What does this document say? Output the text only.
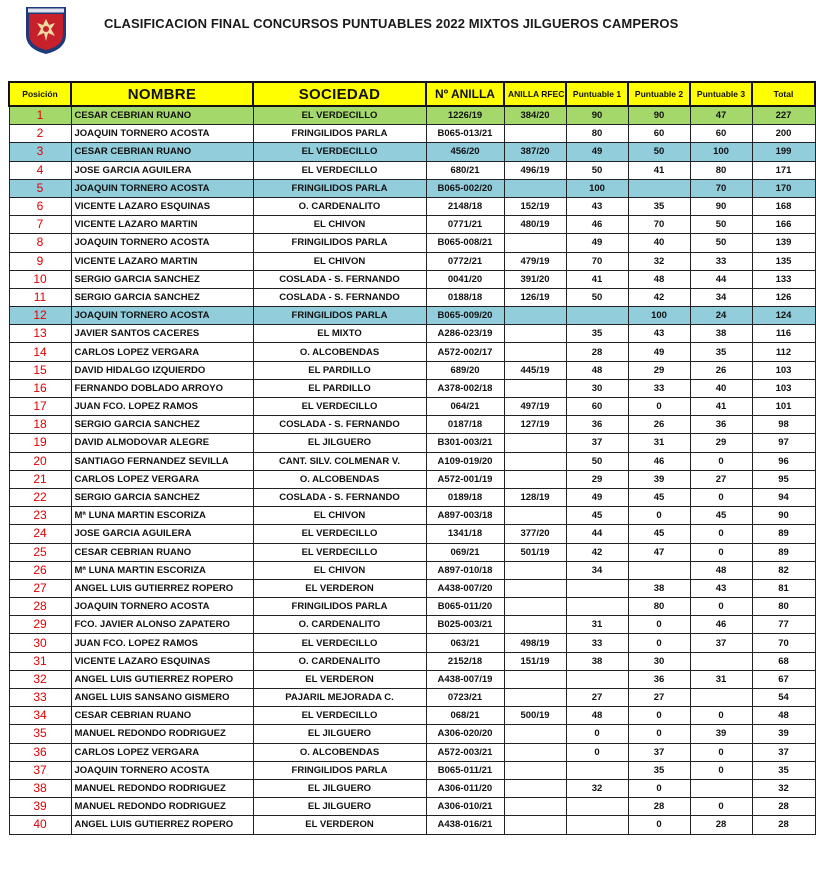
CLASIFICACION FINAL CONCURSOS PUNTUABLES 2022 MIXTOS JILGUEROS CAMPEROS
Posición	NOMBRE	SOCIEDAD	Nº ANILLA	ANILLA RFEC	Puntuable 1	Puntuable 2	Puntuable 3	Total
1	CESAR CEBRIAN RUANO	EL VERDECILLO	1226/19	384/20	90	90	47	227
2	JOAQUIN TORNERO ACOSTA	FRINGILIDOS PARLA	B065-013/21		80	60	60	200
3	CESAR CEBRIAN RUANO	EL VERDECILLO	456/20	387/20	49	50	100	199
4	JOSE GARCIA AGUILERA	EL VERDECILLO	680/21	496/19	50	41	80	171
5	JOAQUIN TORNERO ACOSTA	FRINGILIDOS PARLA	B065-002/20		100		70	170
6	VICENTE LAZARO ESQUINAS	O. CARDENALITO	2148/18	152/19	43	35	90	168
7	VICENTE LAZARO MARTIN	EL CHIVON	0771/21	480/19	46	70	50	166
8	JOAQUIN TORNERO ACOSTA	FRINGILIDOS PARLA	B065-008/21		49	40	50	139
9	VICENTE LAZARO MARTIN	EL CHIVON	0772/21	479/19	70	32	33	135
10	SERGIO GARCIA SANCHEZ	COSLADA - S. FERNANDO	0041/20	391/20	41	48	44	133
11	SERGIO GARCIA SANCHEZ	COSLADA - S. FERNANDO	0188/18	126/19	50	42	34	126
12	JOAQUIN TORNERO ACOSTA	FRINGILIDOS PARLA	B065-009/20			100	24	124
13	JAVIER SANTOS CACERES	EL MIXTO	A286-023/19		35	43	38	116
14	CARLOS LOPEZ VERGARA	O. ALCOBENDAS	A572-002/17		28	49	35	112
15	DAVID HIDALGO IZQUIERDO	EL PARDILLO	689/20	445/19	48	29	26	103
16	FERNANDO DOBLADO ARROYO	EL PARDILLO	A378-002/18		30	33	40	103
17	JUAN FCO. LOPEZ RAMOS	EL VERDECILLO	064/21	497/19	60	0	41	101
18	SERGIO GARCIA SANCHEZ	COSLADA - S. FERNANDO	0187/18	127/19	36	26	36	98
19	DAVID ALMODOVAR ALEGRE	EL JILGUERO	B301-003/21		37	31	29	97
20	SANTIAGO FERNANDEZ SEVILLA	CANT. SILV. COLMENAR V.	A109-019/20		50	46	0	96
21	CARLOS LOPEZ VERGARA	O. ALCOBENDAS	A572-001/19		29	39	27	95
22	SERGIO GARCIA SANCHEZ	COSLADA - S. FERNANDO	0189/18	128/19	49	45	0	94
23	Mª LUNA MARTIN ESCORIZA	EL CHIVON	A897-003/18		45	0	45	90
24	JOSE GARCIA AGUILERA	EL VERDECILLO	1341/18	377/20	44	45	0	89
25	CESAR CEBRIAN RUANO	EL VERDECILLO	069/21	501/19	42	47	0	89
26	Mª LUNA MARTIN ESCORIZA	EL CHIVON	A897-010/18		34		48	82
27	ANGEL LUIS GUTIERREZ ROPERO	EL VERDERON	A438-007/20			38	43	81
28	JOAQUIN TORNERO ACOSTA	FRINGILIDOS PARLA	B065-011/20			80	0	80
29	FCO. JAVIER ALONSO ZAPATERO	O. CARDENALITO	B025-003/21		31	0	46	77
30	JUAN FCO. LOPEZ RAMOS	EL VERDECILLO	063/21	498/19	33	0	37	70
31	VICENTE LAZARO ESQUINAS	O. CARDENALITO	2152/18	151/19	38	30		68
32	ANGEL LUIS GUTIERREZ ROPERO	EL VERDERON	A438-007/19			36	31	67
33	ANGEL LUIS SANSANO GISMERO	PAJARIL MEJORADA C.	0723/21		27	27		54
34	CESAR CEBRIAN RUANO	EL VERDECILLO	068/21	500/19	48	0	0	48
35	MANUEL REDONDO RODRIGUEZ	EL JILGUERO	A306-020/20		0	0	39	39
36	CARLOS LOPEZ VERGARA	O. ALCOBENDAS	A572-003/21		0	37	0	37
37	JOAQUIN TORNERO ACOSTA	FRINGILIDOS PARLA	B065-011/21			35	0	35
38	MANUEL REDONDO RODRIGUEZ	EL JILGUERO	A306-011/20		32	0		32
39	MANUEL REDONDO RODRIGUEZ	EL JILGUERO	A306-010/21			28	0	28
40	ANGEL LUIS GUTIERREZ ROPERO	EL VERDERON	A438-016/21			0	28	28
